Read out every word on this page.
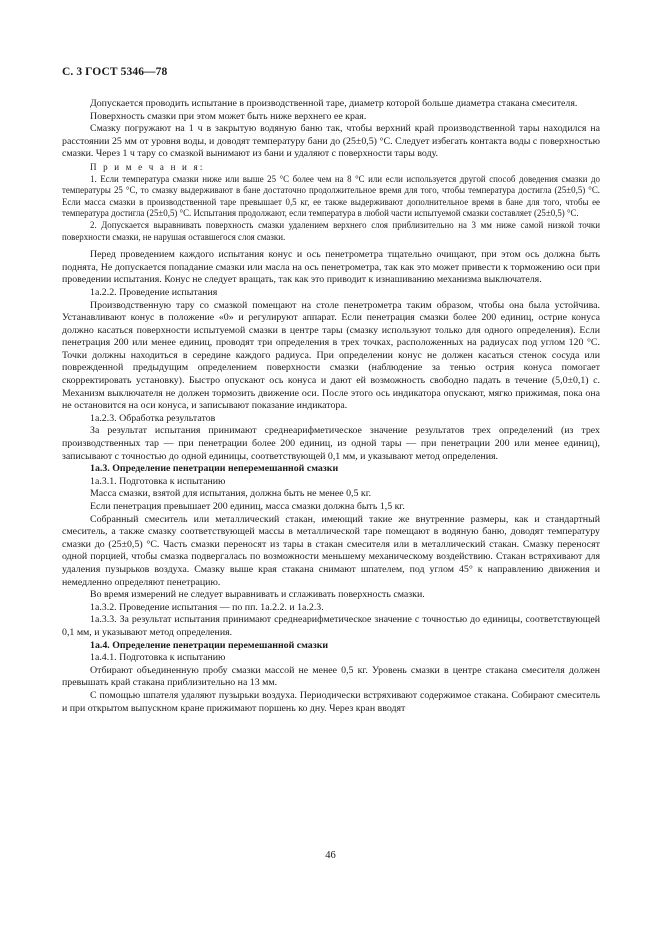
С. 3 ГОСТ 5346—78

Допускается проводить испытание в производственной таре, диаметр которой больше диаметра стакана смесителя.

Поверхность смазки при этом может быть ниже верхнего ее края.

Смазку погружают на 1 ч в закрытую водяную баню так, чтобы верхний край производственной тары находился на расстоянии 25 мм от уровня воды, и доводят температуру бани до (25±0,5) °С. Следует избегать контакта воды с поверхностью смазки. Через 1 ч тару со смазкой вынимают из бани и удаляют с поверхности тары воду.

П р и м е ч а н и я:

1. Если температура смазки ниже или выше 25 °С более чем на 8 °С или если используется другой способ доведения смазки до температуры 25 °С, то смазку выдерживают в бане достаточно продолжительное время для того, чтобы температура достигла (25±0,5) °С. Если масса смазки в производственной таре превышает 0,5 кг, ее также выдерживают дополнительное время в бане для того, чтобы ее температура достигла (25±0,5) °С. Испытания продолжают, если температура в любой части испытуемой смазки составляет (25±0,5) °С.

2. Допускается выравнивать поверхность смазки удалением верхнего слоя приблизительно на 3 мм ниже самой низкой точки поверхности смазки, не нарушая оставшегося слоя смазки.

Перед проведением каждого испытания конус и ось пенетрометра тщательно очищают, при этом ось должна быть поднята, Не допускается попадание смазки или масла на ось пенетрометра, так как это может привести к торможению оси при проведении испытания. Конус не следует вращать, так как это приводит к изнашиванию механизма выключателя.

1а.2.2. Проведение испытания

Производственную тару со смазкой помещают на столе пенетрометра таким образом, чтобы она была устойчива. Устанавливают конус в положение «0» и регулируют аппарат. Если пенетрация смазки более 200 единиц, острие конуса должно касаться поверхности испытуемой смазки в центре тары (смазку используют только для одного определения). Если пенетрация 200 или менее единиц, проводят три определения в трех точках, расположенных на радиусах под углом 120 °С. Точки должны находиться в середине каждого радиуса. При определении конус не должен касаться стенок сосуда или поврежденной предыдущим определением поверхности смазки (наблюдение за тенью острия конуса помогает скорректировать установку). Быстро опускают ось конуса и дают ей возможность свободно падать в течение (5,0±0,1) с. Механизм выключателя не должен тормозить движение оси. После этого ось индикатора опускают, мягко прижимая, пока она не остановится на оси конуса, и записывают показание индикатора.

1а.2.3. Обработка результатов

За результат испытания принимают среднеарифметическое значение результатов трех определений (из трех производственных тар — при пенетрации более 200 единиц, из одной тары — при пенетрации 200 или менее единиц), записывают с точностью до одной единицы, соответствующей 0,1 мм, и указывают метод определения.

1а.3. Определение пенетрации неперемешанной смазки

1а.3.1. Подготовка к испытанию

Масса смазки, взятой для испытания, должна быть не менее 0,5 кг.

Если пенетрация превышает 200 единиц, масса смазки должна быть 1,5 кг.

Собранный смеситель или металлический стакан, имеющий такие же внутренние размеры, как и стандартный смеситель, а также смазку соответствующей массы в металлической таре помещают в водяную баню, доводят температуру смазки до (25±0,5) °С. Часть смазки переносят из тары в стакан смесителя или в металлический стакан. Смазку переносят одной порцией, чтобы смазка подвергалась по возможности меньшему механическому воздействию. Стакан встряхивают для удаления пузырьков воздуха. Смазку выше края стакана снимают шпателем, под углом 45° к направлению движения и немедленно определяют пенетрацию.

Во время измерений не следует выравнивать и сглаживать поверхность смазки.

1а.3.2. Проведение испытания — по пп. 1а.2.2. и 1а.2.3.

1а.3.3. За результат испытания принимают среднеарифметическое значение с точностью до единицы, соответствующей 0,1 мм, и указывают метод определения.

1а.4. Определение пенетрации перемешанной смазки

1а.4.1. Подготовка к испытанию

Отбирают объединенную пробу смазки массой не менее 0,5 кг. Уровень смазки в центре стакана смесителя должен превышать край стакана приблизительно на 13 мм.

С помощью шпателя удаляют пузырьки воздуха. Периодически встряхивают содержимое стакана. Собирают смеситель и при открытом выпускном кране прижимают поршень ко дну. Через кран вводят

46
